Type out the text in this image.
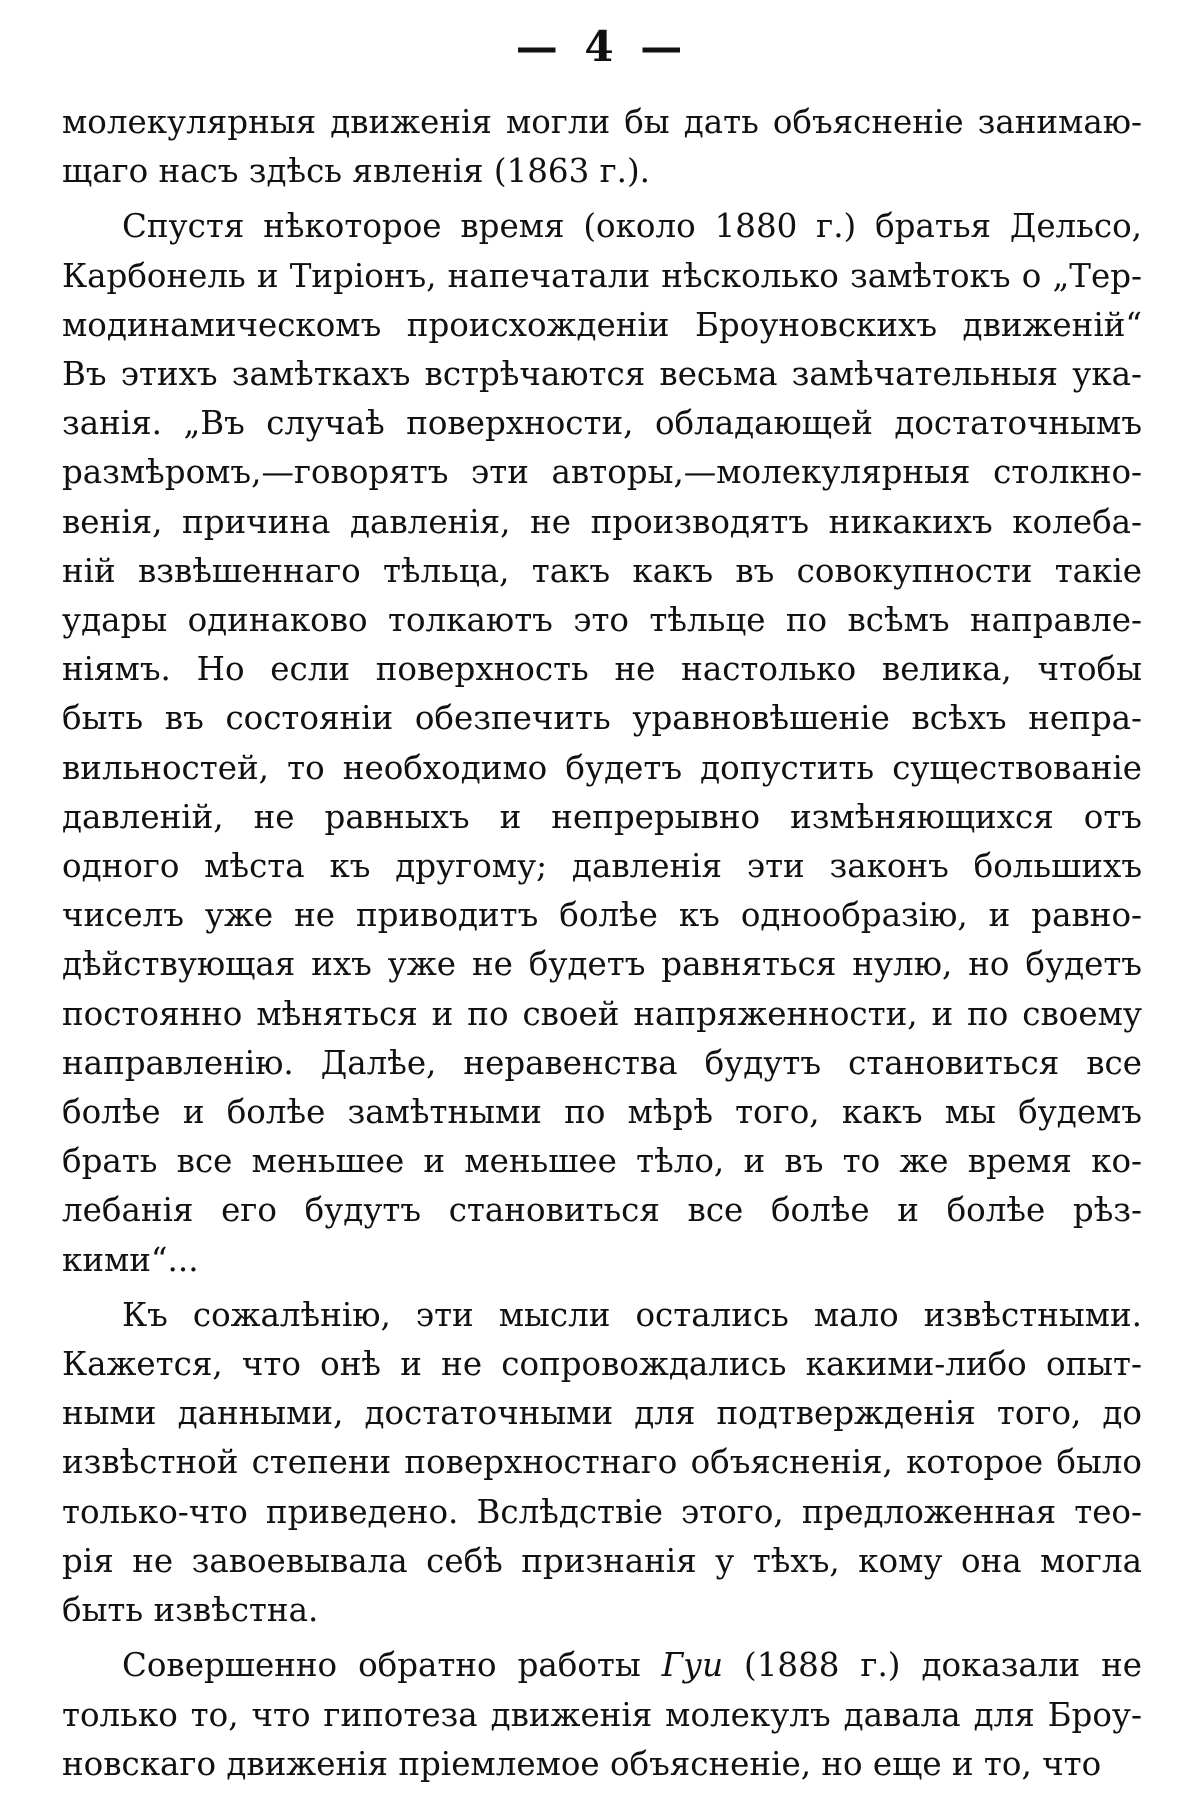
— 4 —
молекулярныя движенія могли бы дать объясненіе занимаю-
щаго насъ здѣсь явленія (1863 г.).
Спустя нѣкоторое время (около 1880 г.) братья Дельсо,
Карбонель и Тиріонъ, напечатали нѣсколько замѣтокъ о „Тер-
модинамическомъ происхожденіи Броуновскихъ движеній“
Въ этихъ замѣткахъ встрѣчаются весьма замѣчательныя ука-
занія. „Въ случаѣ поверхности, обладающей достаточнымъ
размѣромъ,—говорятъ эти авторы,—молекулярныя столкно-
венія, причина давленія, не производятъ никакихъ колеба-
ній взвѣшеннаго тѣльца, такъ какъ въ совокупности такіе
удары одинаково толкаютъ это тѣльце по всѣмъ направле-
ніямъ. Но если поверхность не настолько велика, чтобы
быть въ состояніи обезпечить уравновѣшеніе всѣхъ непра-
вильностей, то необходимо будетъ допустить существованіе
давленій, не равныхъ и непрерывно измѣняющихся отъ
одного мѣста къ другому; давленія эти законъ большихъ
чиселъ уже не приводитъ болѣе къ однообразію, и равно-
дѣйствующая ихъ уже не будетъ равняться нулю, но будетъ
постоянно мѣняться и по своей напряженности, и по своему
направленію. Далѣе, неравенства будутъ становиться все
болѣе и болѣе замѣтными по мѣрѣ того, какъ мы будемъ
брать все меньшее и меньшее тѣло, и въ то же время ко-
лебанія его будутъ становиться все болѣе и болѣе рѣз-
кими“...
Къ сожалѣнію, эти мысли остались мало извѣстными.
Кажется, что онѣ и не сопровождались какими-либо опыт-
ными данными, достаточными для подтвержденія того, до
извѣстной степени поверхностнаго объясненія, которое было
только-что приведено. Вслѣдствіе этого, предложенная тео-
рія не завоевывала себѣ признанія у тѣхъ, кому она могла
быть извѣстна.
Совершенно обратно работы Гуи (1888 г.) доказали не
только то, что гипотеза движенія молекулъ давала для Броу-
новскаго движенія пріемлемое объясненіе, но еще и то, что
